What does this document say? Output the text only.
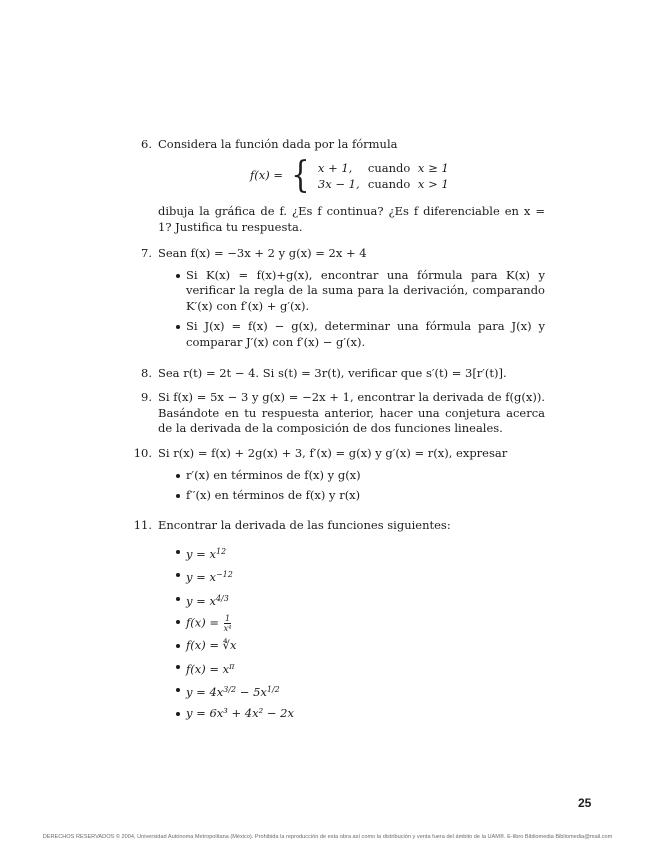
6. Considera la función dada por la fórmula
f(x) = { x + 1,	cuando x ≥ 1
3x − 1, cuando x > 1
dibuja la gráfica de f. ¿Es f continua? ¿Es f diferenciable en x = 1? Justifica tu respuesta.
7. Sean f(x) = −3x + 2 y g(x) = 2x + 4
Si K(x) = f(x)+g(x), encontrar una fórmula para K(x) y verificar la regla de la suma para la derivación, comparando K′(x) con f′(x) + g′(x).
Si J(x) = f(x) − g(x), determinar una fórmula para J(x) y comparar J′(x) con f′(x) − g′(x).
8. Sea r(t) = 2t − 4. Si s(t) = 3r(t), verificar que s′(t) = 3[r′(t)].
9. Si f(x) = 5x − 3 y g(x) = −2x + 1, encontrar la derivada de f(g(x)). Basándote en tu respuesta anterior, hacer una conjetura acerca de la derivada de la composición de dos funciones lineales.
10. Si r(x) = f(x) + 2g(x) + 3, f′(x) = g(x) y g′(x) = r(x), expresar
r′(x) en términos de f(x) y g(x)
f′′(x) en términos de f(x) y r(x)
11. Encontrar la derivada de las funciones siguientes:
$y = x^{12}$
$y = x^{-12}$
$y = x^{4/3}$
$f(x) = \frac{1}{\text{x⁴}}$
f(x) = ∜x
$f(x) = x^\pi$
$y = 4x^{3/2} - 5x^{1/2}$
y = 6x³ + 4x² − 2x
25
DERECHOS RESERVADOS © 2004, Universidad Autónoma Metropolitana (México). Prohibida la reproducción de esta obra así como la distribución y venta fuera del ámbito de la UAM®. E-libro Bibliomedia Bibliomedia@mail.com
